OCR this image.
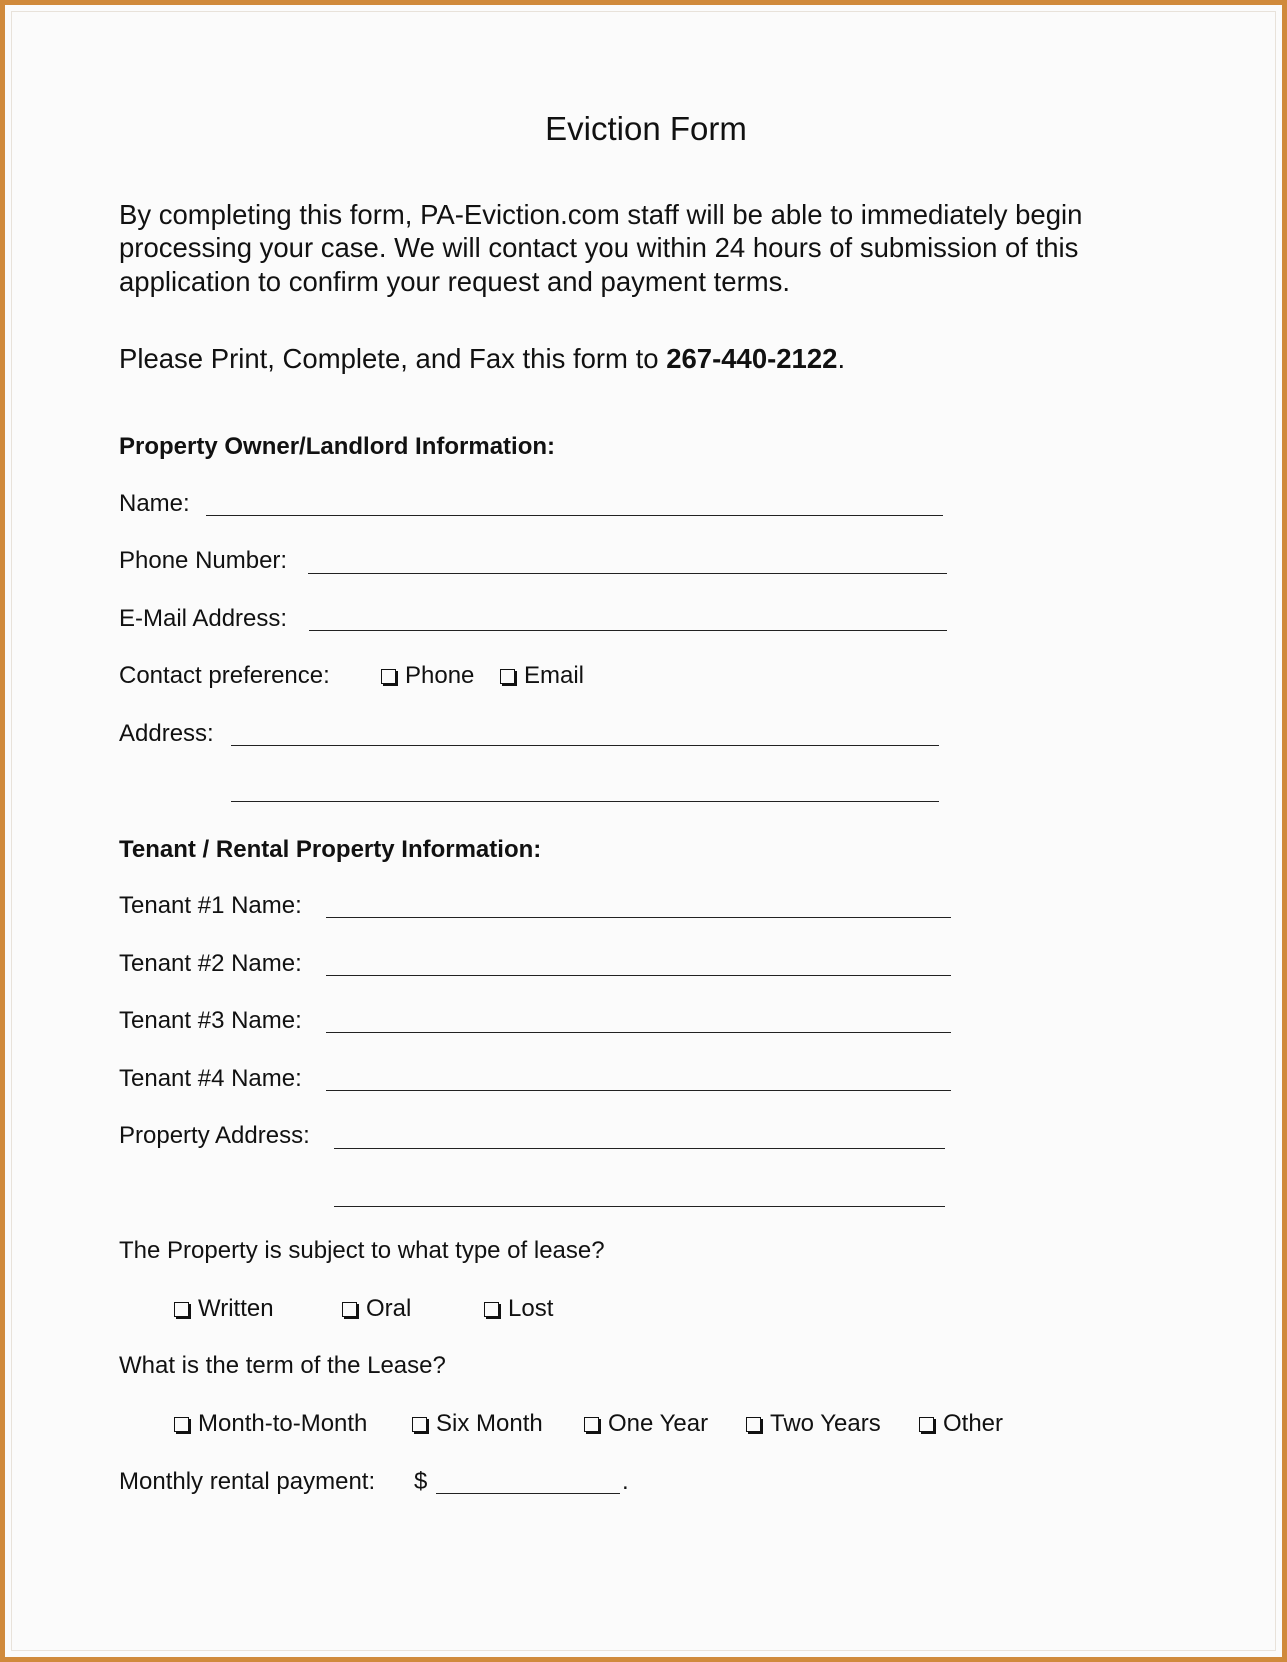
Eviction Form
By completing this form, PA-Eviction.com staff will be able to immediately begin
processing your case. We will contact you within 24 hours of submission of this
application to confirm your request and payment terms.
Please Print, Complete, and Fax this form to 267-440-2122.
Property Owner/Landlord Information:
Name:
Phone Number:
E-Mail Address:
Contact preference:	Phone	Email
Address:
Tenant / Rental Property Information:
Tenant #1 Name:
Tenant #2 Name:
Tenant #3 Name:
Tenant #4 Name:
Property Address:
The Property is subject to what type of lease?
Written	Oral	Lost
What is the term of the Lease?
Month-to-Month	Six Month	One Year	Two Years	Other
Monthly rental payment: $	.
